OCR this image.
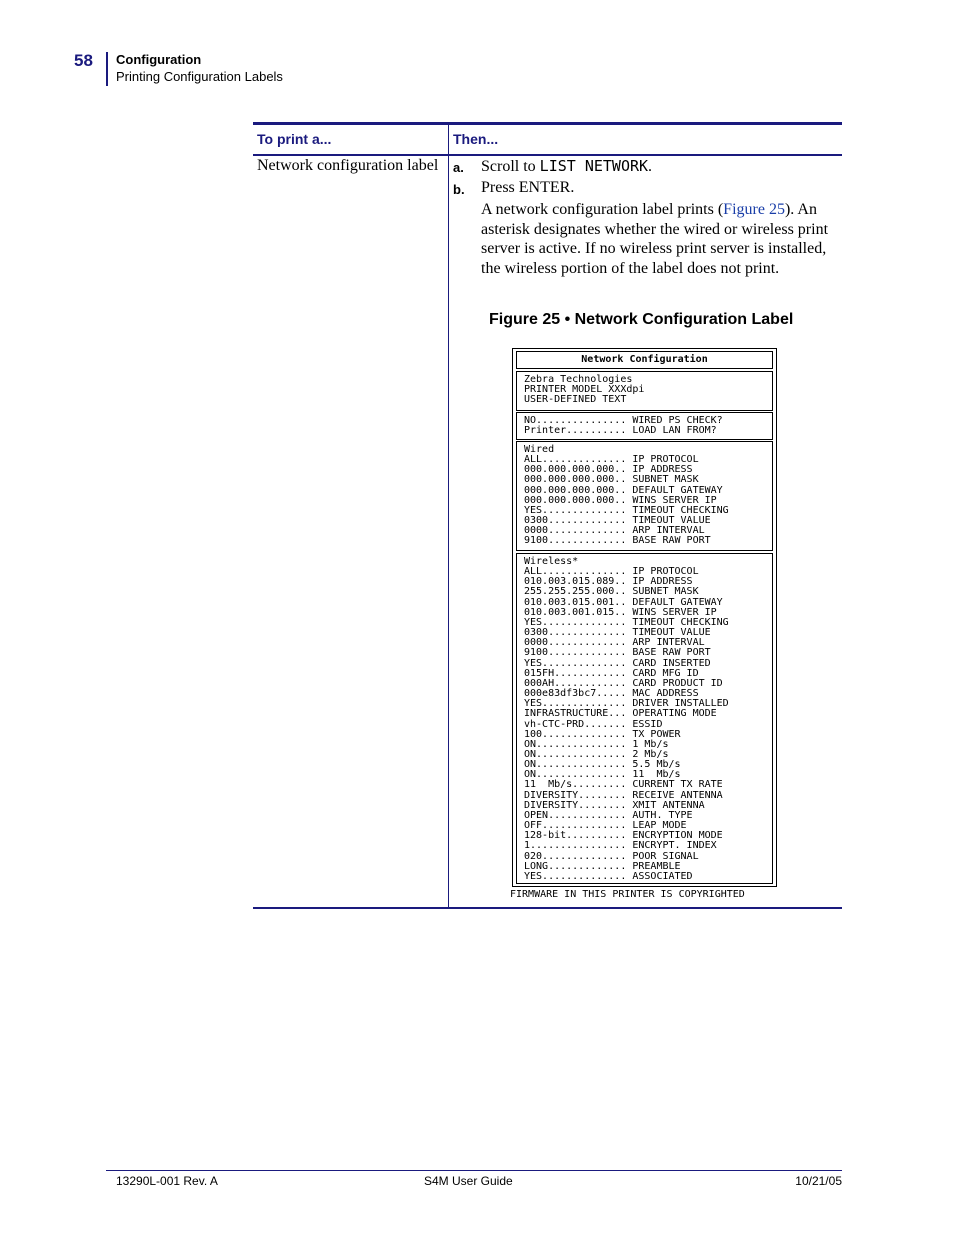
58 Configuration
Printing Configuration Labels
To print a...	Then...
Network configuration label a. Scroll to LIST NETWORK.
b. Press ENTER.
A network configuration label prints (Figure 25). An asterisk designates whether the wired or wireless print server is active. If no wireless print server is installed, the wireless portion of the label does not print.
Figure 25 • Network Configuration Label
Network Configuration
Zebra Technologies
PRINTER MODEL XXXdpi
USER-DEFINED TEXT
NO............... WIRED PS CHECK?
Printer.......... LOAD LAN FROM?
Wired
ALL.............. IP PROTOCOL
000.000.000.000.. IP ADDRESS
000.000.000.000.. SUBNET MASK
000.000.000.000.. DEFAULT GATEWAY
000.000.000.000.. WINS SERVER IP
YES.............. TIMEOUT CHECKING
0300............. TIMEOUT VALUE
0000............. ARP INTERVAL
9100............. BASE RAW PORT
Wireless*
ALL.............. IP PROTOCOL
010.003.015.089.. IP ADDRESS
255.255.255.000.. SUBNET MASK
010.003.015.001.. DEFAULT GATEWAY
010.003.001.015.. WINS SERVER IP
YES.............. TIMEOUT CHECKING
0300............. TIMEOUT VALUE
0000............. ARP INTERVAL
9100............. BASE RAW PORT
YES.............. CARD INSERTED
015FH............ CARD MFG ID
000AH............ CARD PRODUCT ID
000e83df3bc7..... MAC ADDRESS
YES.............. DRIVER INSTALLED
INFRASTRUCTURE... OPERATING MODE
vh-CTC-PRD....... ESSID
100.............. TX POWER
ON............... 1 Mb/s
ON............... 2 Mb/s
ON............... 5.5 Mb/s
ON............... 11  Mb/s
11  Mb/s......... CURRENT TX RATE
DIVERSITY........ RECEIVE ANTENNA
DIVERSITY........ XMIT ANTENNA
OPEN............. AUTH. TYPE
OFF.............. LEAP MODE
128-bit.......... ENCRYPTION MODE
1................ ENCRYPT. INDEX
020.............. POOR SIGNAL
LONG............. PREAMBLE
YES.............. ASSOCIATED
FIRMWARE IN THIS PRINTER IS COPYRIGHTED
13290L-001 Rev. A	S4M User Guide	10/21/05
